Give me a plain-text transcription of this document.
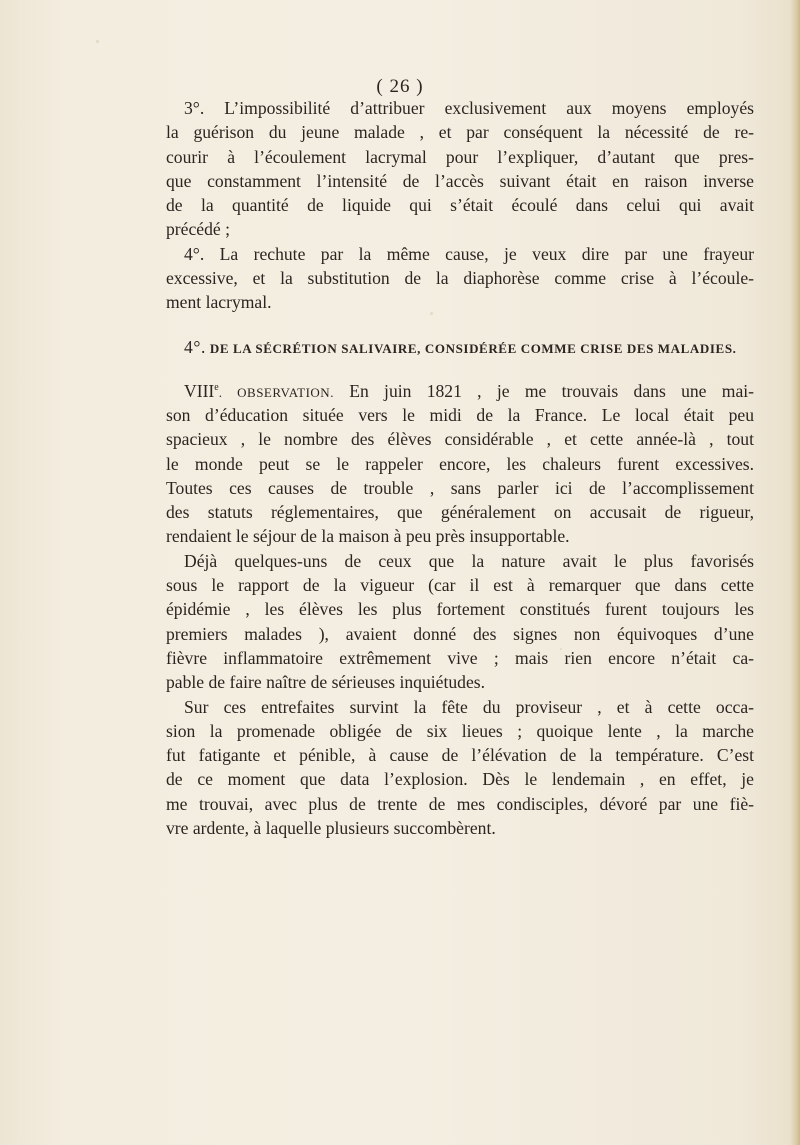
( 26 )
3°. L’impossibilité d’attribuer exclusivement aux moyens employés
la guérison du jeune malade , et par conséquent la nécessité de re-
courir à l’écoulement lacrymal pour l’expliquer, d’autant que pres-
que constamment l’intensité de l’accès suivant était en raison inverse
de la quantité de liquide qui s’était écoulé dans celui qui avait
précédé ;
4°. La rechute par la même cause, je veux dire par une frayeur
excessive, et la substitution de la diaphorèse comme crise à l’écoule-
ment lacrymal.
4°. DE LA SÉCRÉTION SALIVAIRE, CONSIDÉRÉE COMME CRISE DES MALADIES.
VIIIe. OBSERVATION. En juin 1821 , je me trouvais dans une mai-
son d’éducation située vers le midi de la France. Le local était peu
spacieux , le nombre des élèves considérable , et cette année-là , tout
le monde peut se le rappeler encore, les chaleurs furent excessives.
Toutes ces causes de trouble , sans parler ici de l’accomplissement
des statuts réglementaires, que généralement on accusait de rigueur,
rendaient le séjour de la maison à peu près insupportable.
Déjà quelques-uns de ceux que la nature avait le plus favorisés
sous le rapport de la vigueur (car il est à remarquer que dans cette
épidémie , les élèves les plus fortement constitués furent toujours les
premiers malades ), avaient donné des signes non équivoques d’une
fièvre inflammatoire extrêmement vive ; mais rien encore n’était ca-
pable de faire naître de sérieuses inquiétudes.
Sur ces entrefaites survint la fête du proviseur , et à cette occa-
sion la promenade obligée de six lieues ; quoique lente , la marche
fut fatigante et pénible, à cause de l’élévation de la température. C’est
de ce moment que data l’explosion. Dès le lendemain , en effet, je
me trouvai, avec plus de trente de mes condisciples, dévoré par une fiè-
vre ardente, à laquelle plusieurs succombèrent.
